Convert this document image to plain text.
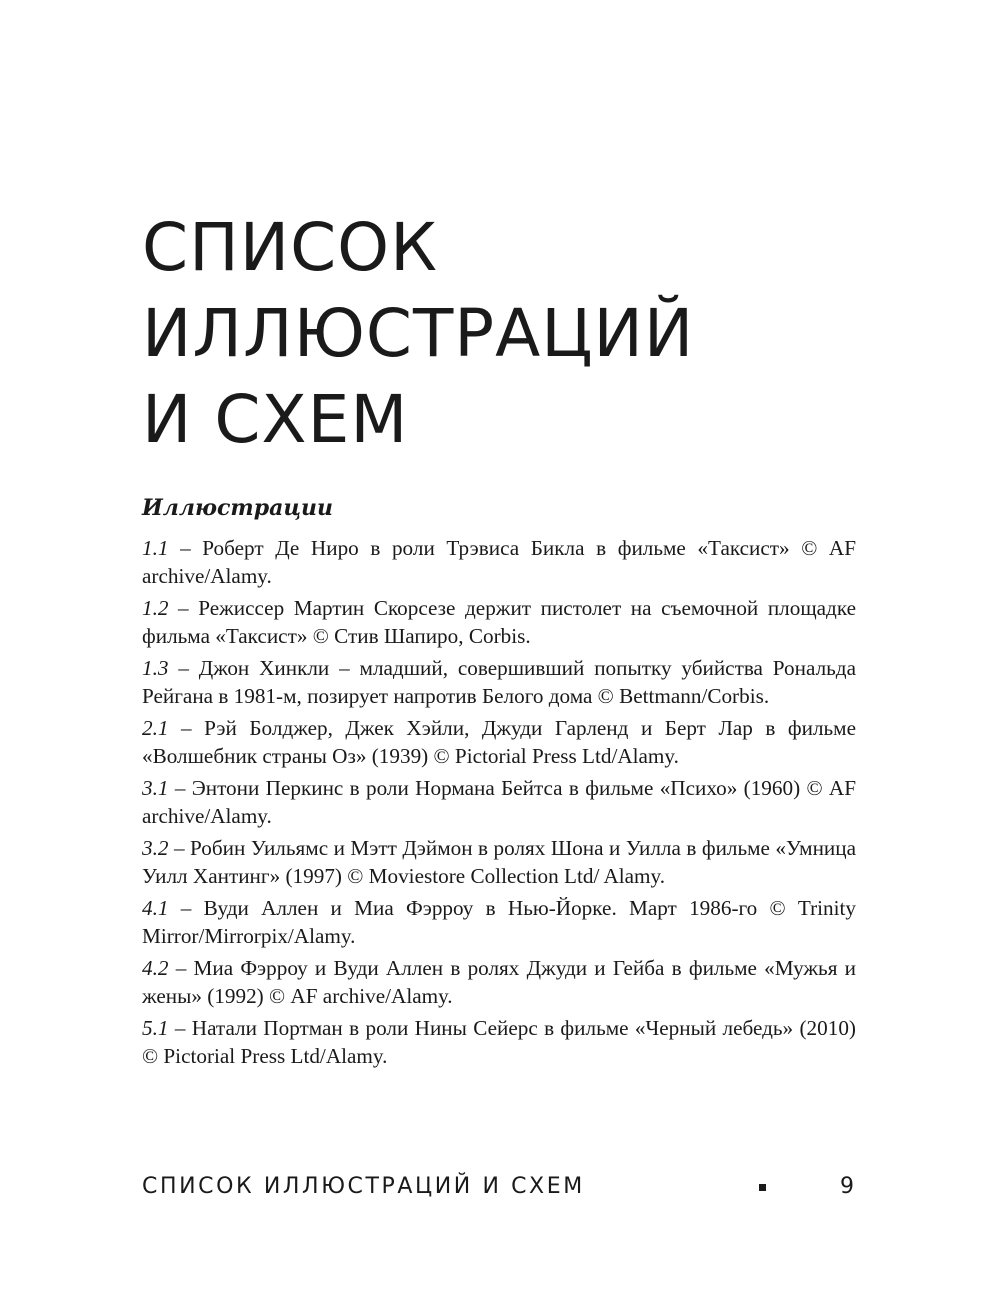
СПИСОК
ИЛЛЮСТРАЦИЙ
И СХЕМ
Иллюстрации
1.1 – Роберт Де Ниро в роли Трэвиса Бикла в фильме «Таксист» © AF archive/Alamy.
1.2 – Режиссер Мартин Скорсезе держит пистолет на съемочной площадке фильма «Таксист» © Стив Шапиро, Corbis.
1.3 – Джон Хинкли – младший, совершивший попытку убийства Рональда Рейгана в 1981-м, позирует напротив Белого дома © Bettmann/Corbis.
2.1 – Рэй Болджер, Джек Хэйли, Джуди Гарленд и Берт Лар в фильме «Волшебник страны Оз» (1939) © Pictorial Press Ltd/Alamy.
3.1 – Энтони Перкинс в роли Нормана Бейтса в фильме «Психо» (1960) © AF archive/Alamy.
3.2 – Робин Уильямс и Мэтт Дэймон в ролях Шона и Уилла в фильме «Умница Уилл Хантинг» (1997) © Moviestore Collection Ltd/ Alamy.
4.1 – Вуди Аллен и Миа Фэрроу в Нью-Йорке. Март 1986-го © Trinity Mirror/Mirrorpix/Alamy.
4.2 – Миа Фэрроу и Вуди Аллен в ролях Джуди и Гейба в фильме «Мужья и жены» (1992) © AF archive/Alamy.
5.1 – Натали Портман в роли Нины Сейерс в фильме «Черный лебедь» (2010) © Pictorial Press Ltd/Alamy.
СПИСОК ИЛЛЮСТРАЦИЙ И СХЕМ	9
